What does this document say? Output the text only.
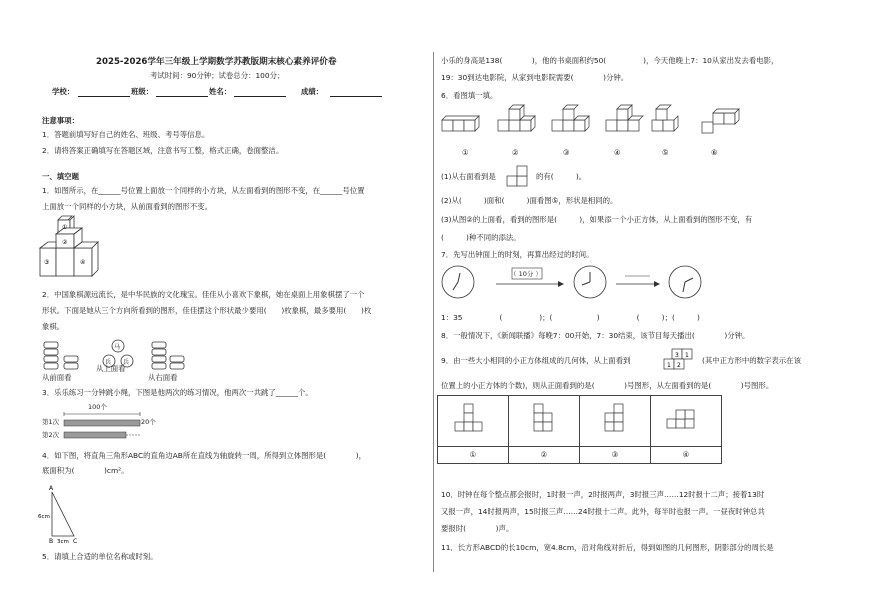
2025-2026学年三年级上学期数学苏教版期末核心素养评价卷
考试时间：90分钟；试卷总分：100分；
学校：	班级：	姓名：	成绩：
注意事项：
1．答题前填写好自己的姓名、班级、考号等信息。
2．请将答案正确填写在答题区域，注意书写工整，格式正确，卷面整洁。
一、填空题
1．如图所示，在______号位置上面放一个同样的小方块，从左面看到的图形不变，在______号位置
上面放一个同样的小方块，从前面看到的图形不变。
①
②
③	④
2．中国象棋源远流长，是中华民族的文化瑰宝。佳佳从小喜欢下象棋，她在桌面上用象棋摆了一个
形状。下面是她从三个方向所看到的图形，佳佳摆这个形状最少要用(　　)枚象棋，最多要用(　　)枚
象棋。
马
兵 兵
从前面看
从上面看
从右面看
3．乐乐练习一分钟跳小绳，下图是他两次的练习情况，他两次一共跳了______个。
100个
20个
第1次
第2次
4．如下图，将直角三角形ABC的直角边AB所在直线为轴旋转一周，所得到立体图形是(　　　　)，
底面积为(　　　　)cm²。
A
B	C
6cm
3cm
5．请填上合适的单位名称或时刻。
小乐的身高是138(　　　　)，他的书桌面积约50(　　　　　)，今天他晚上7：10从家出发去看电影，
19：30到达电影院，从家到电影院需要(　　　　)分钟。
6．看图填一填。
①	②	③	④	⑤	⑥
(1)从右面看到是	的有(　　　)。
(2)从(　　　)面和(　　　)面看图⑤，形状是相同的。
(3)从图②的上面看，看到的图形是(　　　)，如果添一个小正方体，从上面看到的图形不变，有
(　　　)种不同的添法。
7．先写出钟面上的时刻，再算出经过的时间。
（ 10分 ）
1：35　　　　　(　　　　　)；(　　　　　　)　　　　　(　　　)；(　　　)
8．一般情况下，《新闻联播》每晚7：00开始，7：30结束，该节目每天播出(　　　　)分钟。
9．由一些大小相同的小正方体组成的几何体，从上面看到
3 1
1 2
(其中正方形中的数字表示在该
位置上的小正方体的个数)，则从正面看到的是(　　　　)号图形，从左面看到的是(　　　　)号图形。

①	②	③	④
10．时钟在每个整点都会报时，1时报一声，2时报两声，3时报三声……12时报十二声；接着13时
又报一声，14时报两声，15时报三声……24时报十二声。此外，每半时也报一声。一昼夜时钟总共
要报时(　　　　)声。
11．长方形ABCD的长10cm，宽4.8cm，沿对角线对折后，得到如图的几何图形，阴影部分的周长是
